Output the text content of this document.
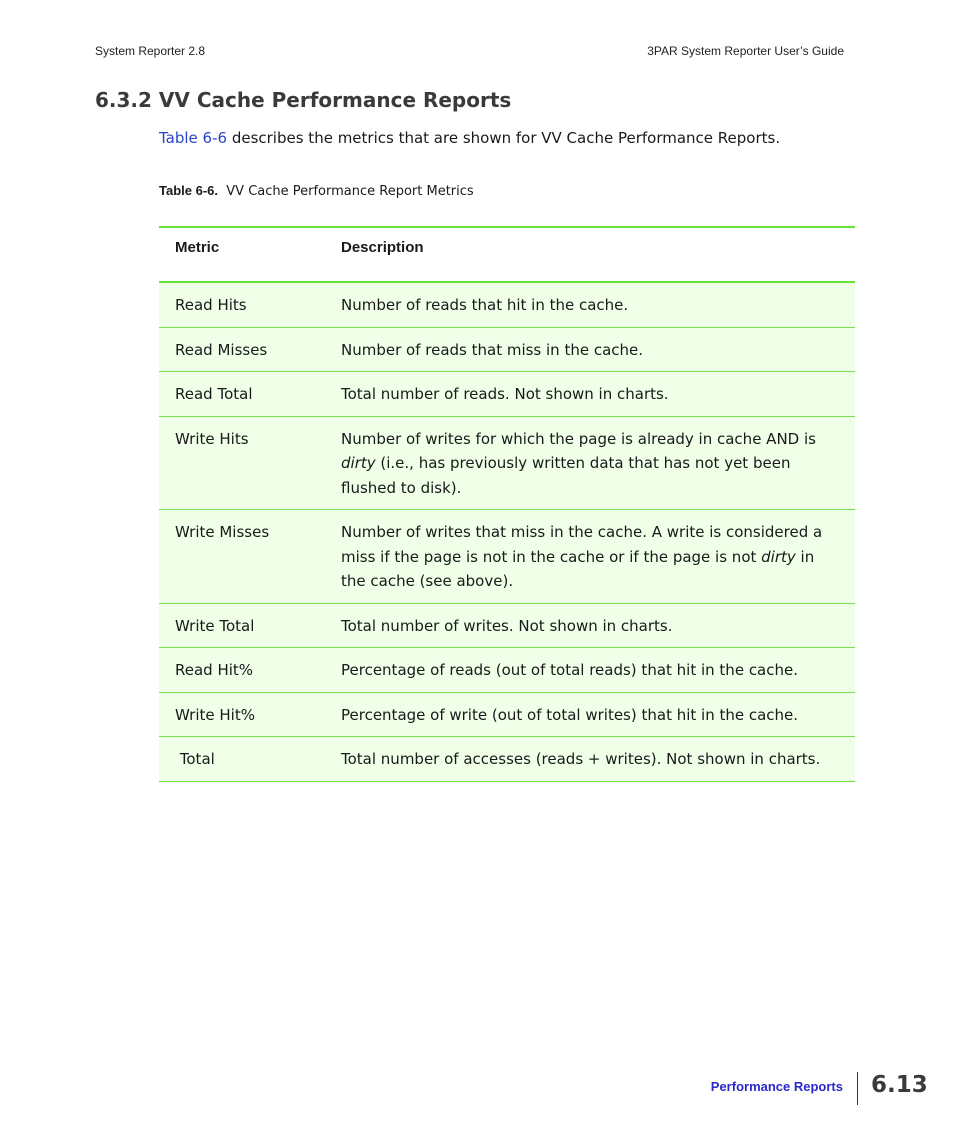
System Reporter 2.8	3PAR System Reporter User’s Guide
6.3.2 VV Cache Performance Reports

Table 6-6 describes the metrics that are shown for VV Cache Performance Reports.

Table 6-6.  VV Cache Performance Report Metrics

Metric	Description
Read Hits	Number of reads that hit in the cache.
Read Misses	Number of reads that miss in the cache.
Read Total	Total number of reads. Not shown in charts.
Write Hits	Number of writes for which the page is already in cache AND is
dirty (i.e., has previously written data that has not yet been flushed to disk).
Write Misses	Number of writes that miss in the cache. A write is considered a miss if the page is not in the cache or if the page is not dirty in the cache (see above).
Write Total	Total number of writes. Not shown in charts.
Read Hit%	Percentage of reads (out of total reads) that hit in the cache.
Write Hit%	Percentage of write (out of total writes) that hit in the cache.
Total	Total number of accesses (reads + writes). Not shown in charts.
Performance Reports 6.13
